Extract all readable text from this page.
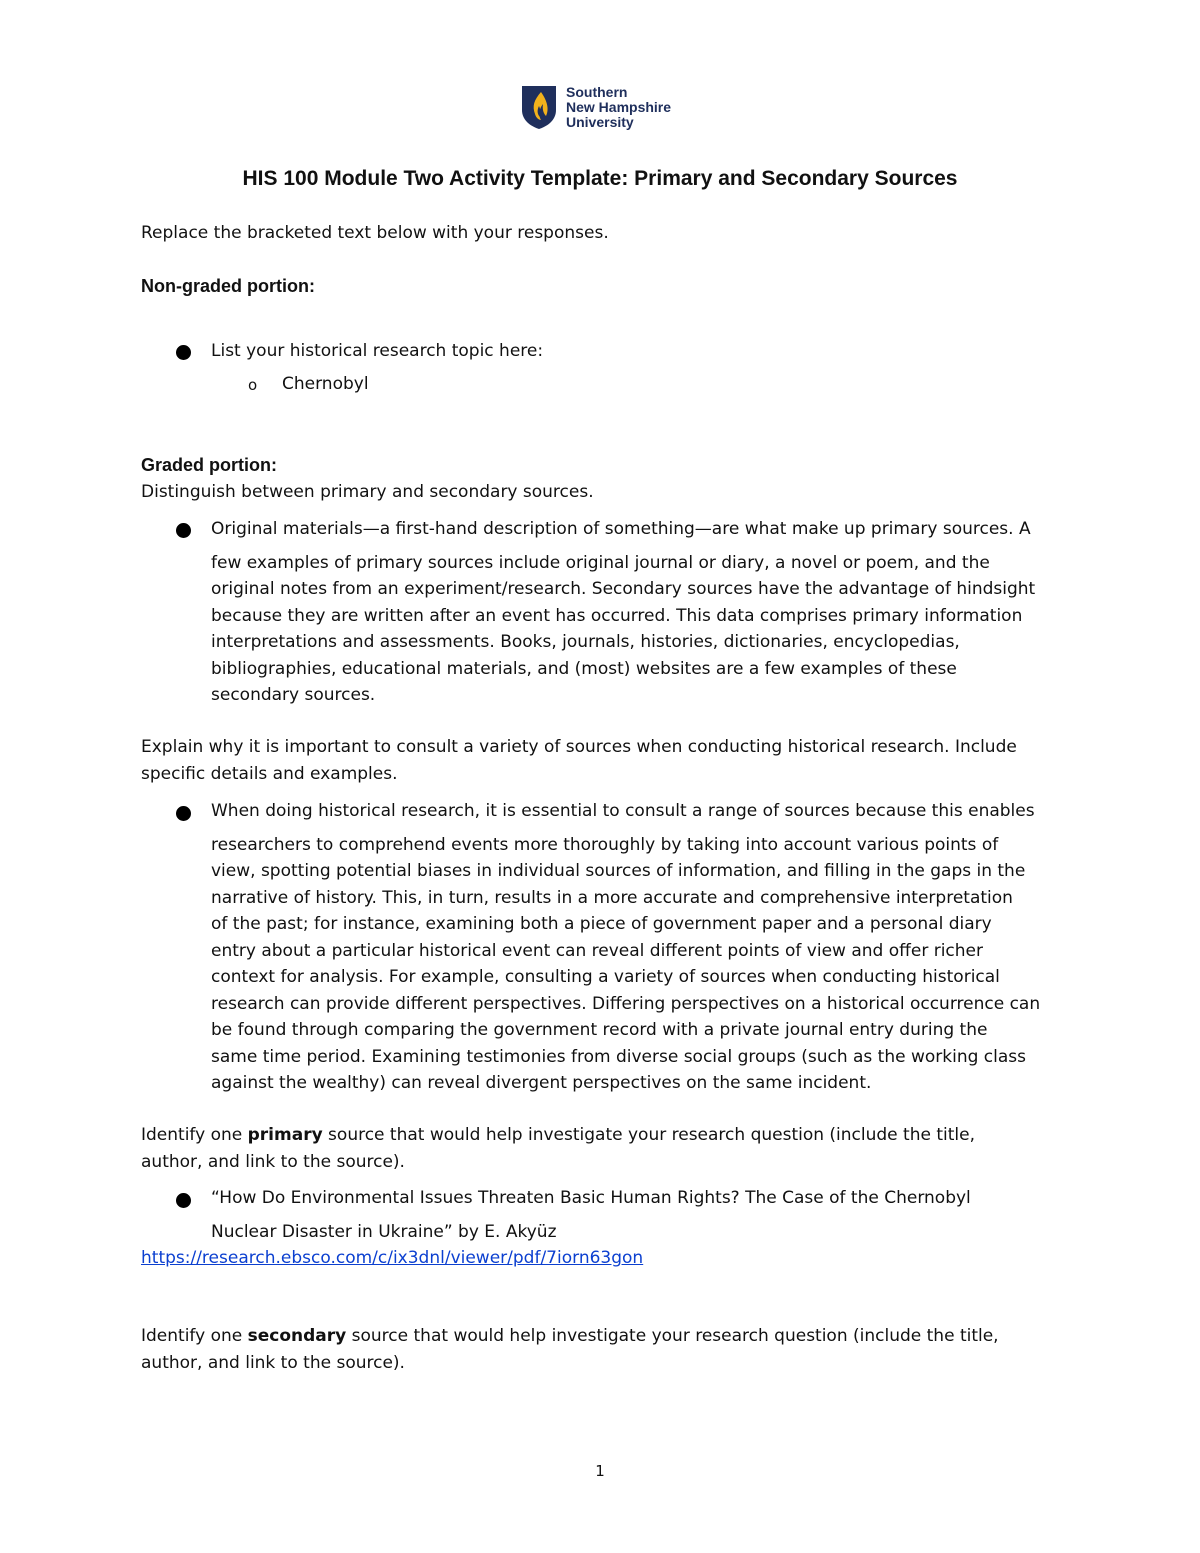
Southern
New Hampshire
University
HIS 100 Module Two Activity Template: Primary and Secondary Sources
Replace the bracketed text below with your responses.
Non-graded portion:
List your historical research topic here:
o Chernobyl
Graded portion:
Distinguish between primary and secondary sources.
Original materials—a first-hand description of something—are what make up primary sources. A
few examples of primary sources include original journal or diary, a novel or poem, and the
original notes from an experiment/research. Secondary sources have the advantage of hindsight
because they are written after an event has occurred. This data comprises primary information
interpretations and assessments. Books, journals, histories, dictionaries, encyclopedias,
bibliographies, educational materials, and (most) websites are a few examples of these
secondary sources.
Explain why it is important to consult a variety of sources when conducting historical research. Include
specific details and examples.
When doing historical research, it is essential to consult a range of sources because this enables
researchers to comprehend events more thoroughly by taking into account various points of
view, spotting potential biases in individual sources of information, and filling in the gaps in the
narrative of history. This, in turn, results in a more accurate and comprehensive interpretation
of the past; for instance, examining both a piece of government paper and a personal diary
entry about a particular historical event can reveal different points of view and offer richer
context for analysis. For example, consulting a variety of sources when conducting historical
research can provide different perspectives. Differing perspectives on a historical occurrence can
be found through comparing the government record with a private journal entry during the
same time period. Examining testimonies from diverse social groups (such as the working class
against the wealthy) can reveal divergent perspectives on the same incident.
Identify one primary source that would help investigate your research question (include the title,
author, and link to the source).
“How Do Environmental Issues Threaten Basic Human Rights? The Case of the Chernobyl
Nuclear Disaster in Ukraine” by E. Akyüz
https://research.ebsco.com/c/ix3dnl/viewer/pdf/7iorn63gon
Identify one secondary source that would help investigate your research question (include the title,
author, and link to the source).
1
